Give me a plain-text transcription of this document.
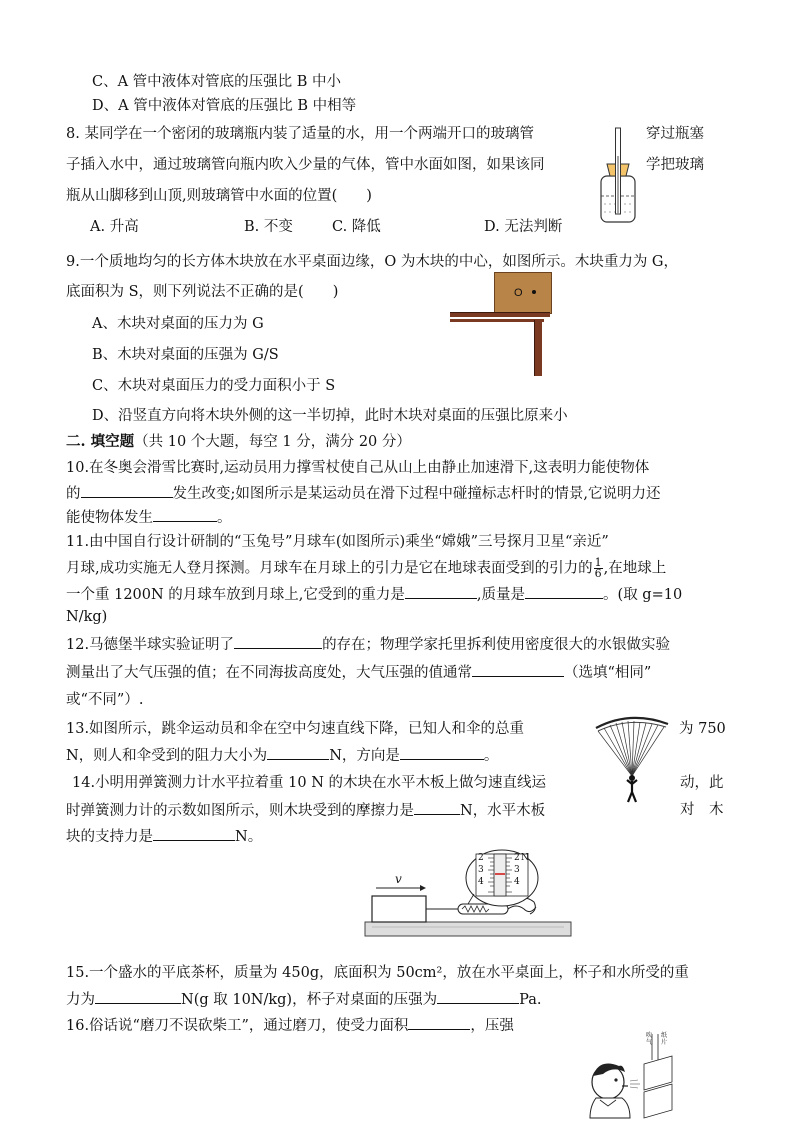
C、A 管中液体对管底的压强比 B 中小
D、A 管中液体对管底的压强比 B 中相等
8. 某同学在一个密闭的玻璃瓶内装了适量的水，用一个两端开口的玻璃管	穿过瓶塞
子插入水中，通过玻璃管向瓶内吹入少量的气体，管中水面如图，如果该同	学把玻璃
瓶从山脚移到山顶,则玻璃管中水面的位置(　　)
A. 升高	B. 不变	C. 降低	D. 无法判断
9.一个质地均匀的长方体木块放在水平桌面边缘，O 为木块的中心，如图所示。木块重力为 G，
底面积为 S，则下列说法不正确的是(　　)
A、木块对桌面的压力为 G
B、木块对桌面的压强为 G/S
C、木块对桌面压力的受力面积小于 S
D、沿竖直方向将木块外侧的这一半切掉，此时木块对桌面的压强比原来小
O
二. 填空题（共 10 个大题，每空 1 分，满分 20 分）
10.在冬奥会滑雪比赛时,运动员用力撑雪杖使自己从山上由静止加速滑下,这表明力能使物体
的	发生改变;如图所示是某运动员在滑下过程中碰撞标志杆时的情景,它说明力还
能使物体发生	。
11.由中国自行设计研制的“玉兔号”月球车(如图所示)乘坐“嫦娥”三号探月卫星“亲近”
月球,成功实施无人登月探测。月球车在月球上的引力是它在地球表面受到的引力的 $\frac{1}{6}$ ,在地球上
一个重 1200N 的月球车放到月球上,它受到的重力是	,质量是	。(取 g=10
N/kg)
12.马德堡半球实验证明了	的存在；物理学家托里拆利使用密度很大的水银做实验
测量出了大气压强的值；在不同海拔高度处，大气压强的值通常	（选填“相同”
或“不同”）.
13.如图所示，跳伞运动员和伞在空中匀速直线下降，已知人和伞的总重	为 750
N，则人和伞受到的阻力大小为	N，方向是	。
14.小明用弹簧测力计水平拉着重 10 N 的木块在水平木板上做匀速直线运	动，此
时弹簧测力计的示数如图所示，则木块受到的摩擦力是	N，水平木板	对　木
块的支持力是	N。
v
2
3
4
2
3
4
N
15.一个盛水的平底茶杯，质量为 450g，底面积为 50cm²，放在水平桌面上，杯子和水所受的重
力为	N(g 取 10N/kg)，杯子对桌面的压强为	Pa.
16.俗话说“磨刀不误砍柴工”，通过磨刀，使受力面积	，压强
吹气
纸片
